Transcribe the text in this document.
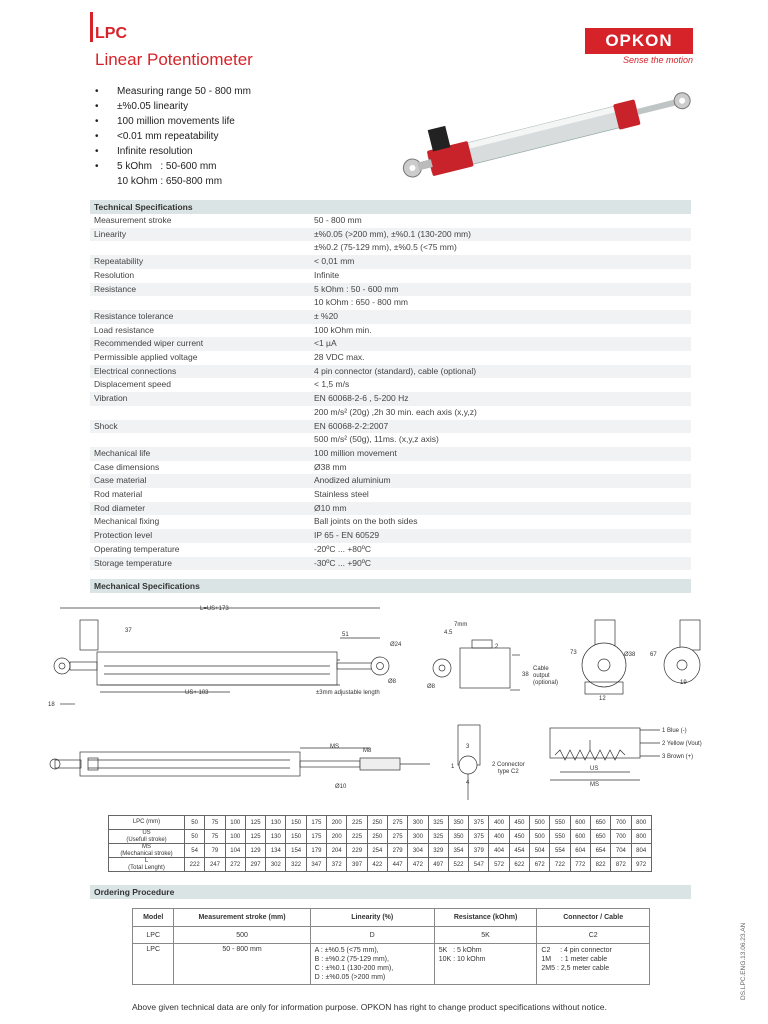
LPC
Linear Potentiometer
OPKON
Sense the motion
• Measuring range 50 - 800 mm
• ±%0.05 linearity
• 100 million movements life
• <0.01 mm repeatability
• Infinite resolution
• 5 kOhm   : 50-600 mm
10 kOhm : 650-800 mm
Technical Specifications
Measurement stroke	50 - 800 mm
Linearity	±%0.05 (>200 mm), ±%0.1 (130-200 mm)
	±%0.2 (75-129 mm), ±%0.5 (<75 mm)
Repeatability	< 0,01 mm
Resolution	Infinite
Resistance	5 kOhm : 50 - 600 mm
	10 kOhm : 650 - 800 mm
Resistance tolerance	± %20
Load resistance	100 kOhm min.
Recommended wiper current	<1 µA
Permissible applied voltage	28 VDC max.
Electrical connections	4 pin connector (standard), cable (optional)
Displacement speed	< 1,5 m/s
Vibration	EN 60068-2-6 , 5-200 Hz
	200 m/s² (20g) ,2h 30 min. each axis (x,y,z)
Shock	EN 60068-2-2:2007
	500 m/s² (50g), 11ms. (x,y,z axis)
Mechanical life	100 million movement
Case dimensions	Ø38 mm
Case material	Anodized aluminium
Rod material	Stainless steel
Rod diameter	Ø10 mm
Mechanical fixing	Ball joints on the both sides
Protection level	IP 65 - EN 60529
Operating temperature	-20ºC ... +80ºC
Storage temperature	-30ºC ... +90ºC
Mechanical Specifications
L=US+173
37
51
Ø24
Ø8
US+ 103	±3mm adjustable length
18
MS
M8
Ø10
7mm
4.5
2
38
Ø8
Cable output (optional)
73	Ø38
12
67
19
3
1
4
2 Connector type C2
1 Blue (-)
2 Yellow (Vout)
3 Brown (+)
US
MS
LPC (mm)	50	75	100	125	130	150	175	200	225	250	275	300	325	350	375	400	450	500	550	600	650	700	800
US
(Usefull stroke)	50	75	100	125	130	150	175	200	225	250	275	300	325	350	375	400	450	500	550	600	650	700	800
MS
(Mechanical stroke)	54	79	104	129	134	154	179	204	229	254	279	304	329	354	379	404	454	504	554	604	654	704	804
L
(Total Lenght)	222	247	272	297	302	322	347	372	397	422	447	472	497	522	547	572	622	672	722	772	822	872	972
Ordering Procedure
Model	Measurement stroke (mm)	Linearity (%)	Resistance (kOhm)	Connector / Cable
LPC	500	D	5K	C2
LPC	50 - 800 mm	A : ±%0.5 (<75 mm),
B : ±%0.2 (75-129 mm),
C : ±%0.1 (130-200 mm),
D : ±%0.05 (>200 mm)	5K   : 5 kOhm
10K : 10 kOhm	C2     : 4 pin connector
1M     : 1 meter cable
2M5 : 2,5 meter cable
Above given technical data are only for information purpose. OPKON has right to change product specifications without notice.
DS.LPC.ENG.13.06.23.AN
